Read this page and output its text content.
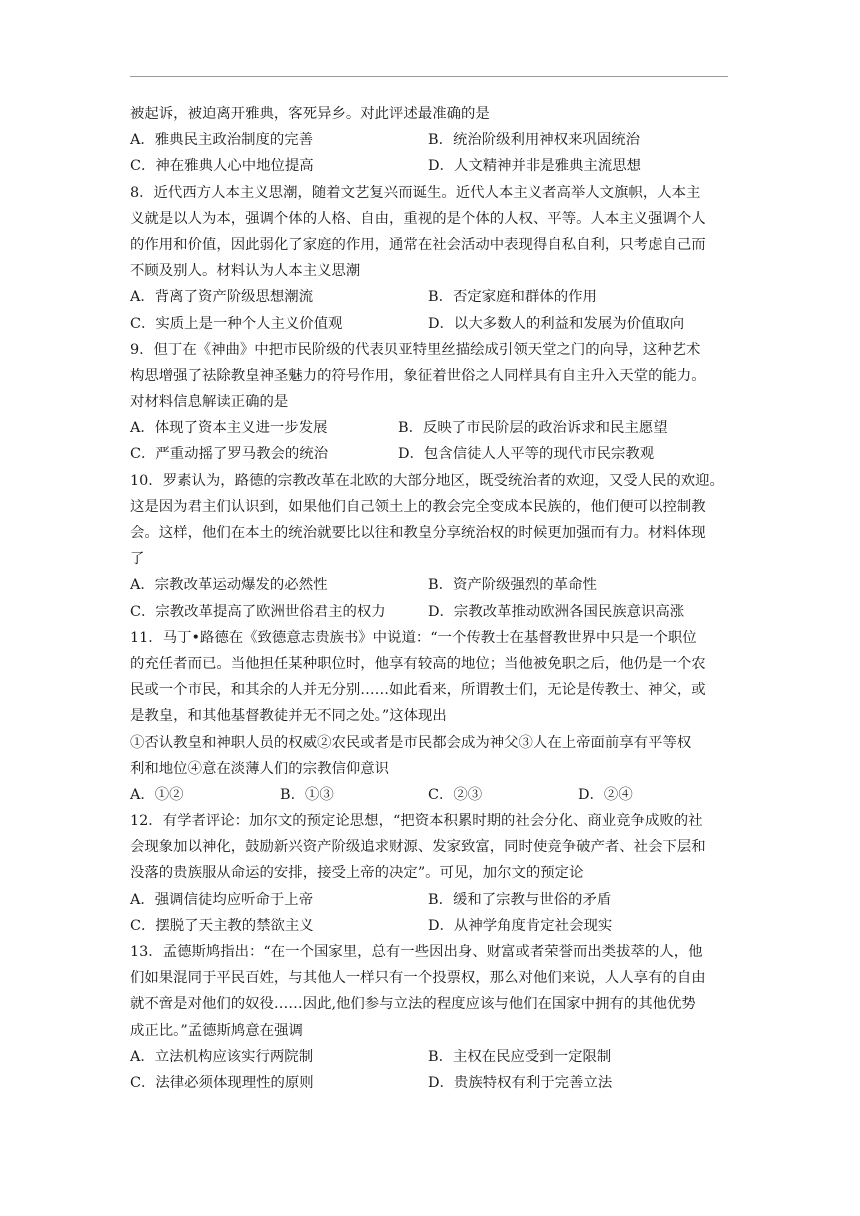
被起诉，被迫离开雅典，客死异乡。对此评述最准确的是
A．雅典民主政治制度的完善	B．统治阶级利用神权来巩固统治
C．神在雅典人心中地位提高	D．人文精神并非是雅典主流思想
8．近代西方人本主义思潮，随着文艺复兴而诞生。近代人本主义者高举人文旗帜，人本主
义就是以人为本，强调个体的人格、自由，重视的是个体的人权、平等。人本主义强调个人
的作用和价值，因此弱化了家庭的作用，通常在社会活动中表现得自私自利，只考虑自己而
不顾及别人。材料认为人本主义思潮
A．背离了资产阶级思想潮流	B．否定家庭和群体的作用
C．实质上是一种个人主义价值观	D．以大多数人的利益和发展为价值取向
9．但丁在《神曲》中把市民阶级的代表贝亚特里丝描绘成引领天堂之门的向导，这种艺术
构思增强了祛除教皇神圣魅力的符号作用，象征着世俗之人同样具有自主升入天堂的能力。
对材料信息解读正确的是
A．体现了资本主义进一步发展	B．反映了市民阶层的政治诉求和民主愿望
C．严重动摇了罗马教会的统治	D．包含信徒人人平等的现代市民宗教观
10．罗素认为，路德的宗教改革在北欧的大部分地区，既受统治者的欢迎，又受人民的欢迎。
这是因为君主们认识到，如果他们自己领土上的教会完全变成本民族的，他们便可以控制教
会。这样，他们在本土的统治就要比以往和教皇分享统治权的时候更加强而有力。材料体现
了
A．宗教改革运动爆发的必然性	B．资产阶级强烈的革命性
C．宗教改革提高了欧洲世俗君主的权力	D．宗教改革推动欧洲各国民族意识高涨
11．马丁•路德在《致德意志贵族书》中说道：“一个传教士在基督教世界中只是一个职位
的充任者而已。当他担任某种职位时，他享有较高的地位；当他被免职之后，他仍是一个农
民或一个市民，和其余的人并无分别……如此看来，所谓教士们，无论是传教士、神父，或
是教皇，和其他基督教徒并无不同之处。”这体现出
①否认教皇和神职人员的权威②农民或者是市民都会成为神父③人在上帝面前享有平等权
利和地位④意在淡薄人们的宗教信仰意识
A．①②	B．①③	C．②③	D．②④
12．有学者评论：加尔文的预定论思想，“把资本积累时期的社会分化、商业竞争成败的社
会现象加以神化，鼓励新兴资产阶级追求财源、发家致富，同时使竞争破产者、社会下层和
没落的贵族服从命运的安排，接受上帝的决定”。可见，加尔文的预定论
A．强调信徒均应听命于上帝	B．缓和了宗教与世俗的矛盾
C．摆脱了天主教的禁欲主义	D．从神学角度肯定社会现实
13．孟德斯鸠指出：“在一个国家里，总有一些因出身、财富或者荣誉而出类拔萃的人，他
们如果混同于平民百姓，与其他人一样只有一个投票权，那么对他们来说，人人享有的自由
就不啻是对他们的奴役……因此,他们参与立法的程度应该与他们在国家中拥有的其他优势
成正比。”孟德斯鸠意在强调
A．立法机构应该实行两院制	B．主权在民应受到一定限制
C．法律必须体现理性的原则	D．贵族特权有利于完善立法
